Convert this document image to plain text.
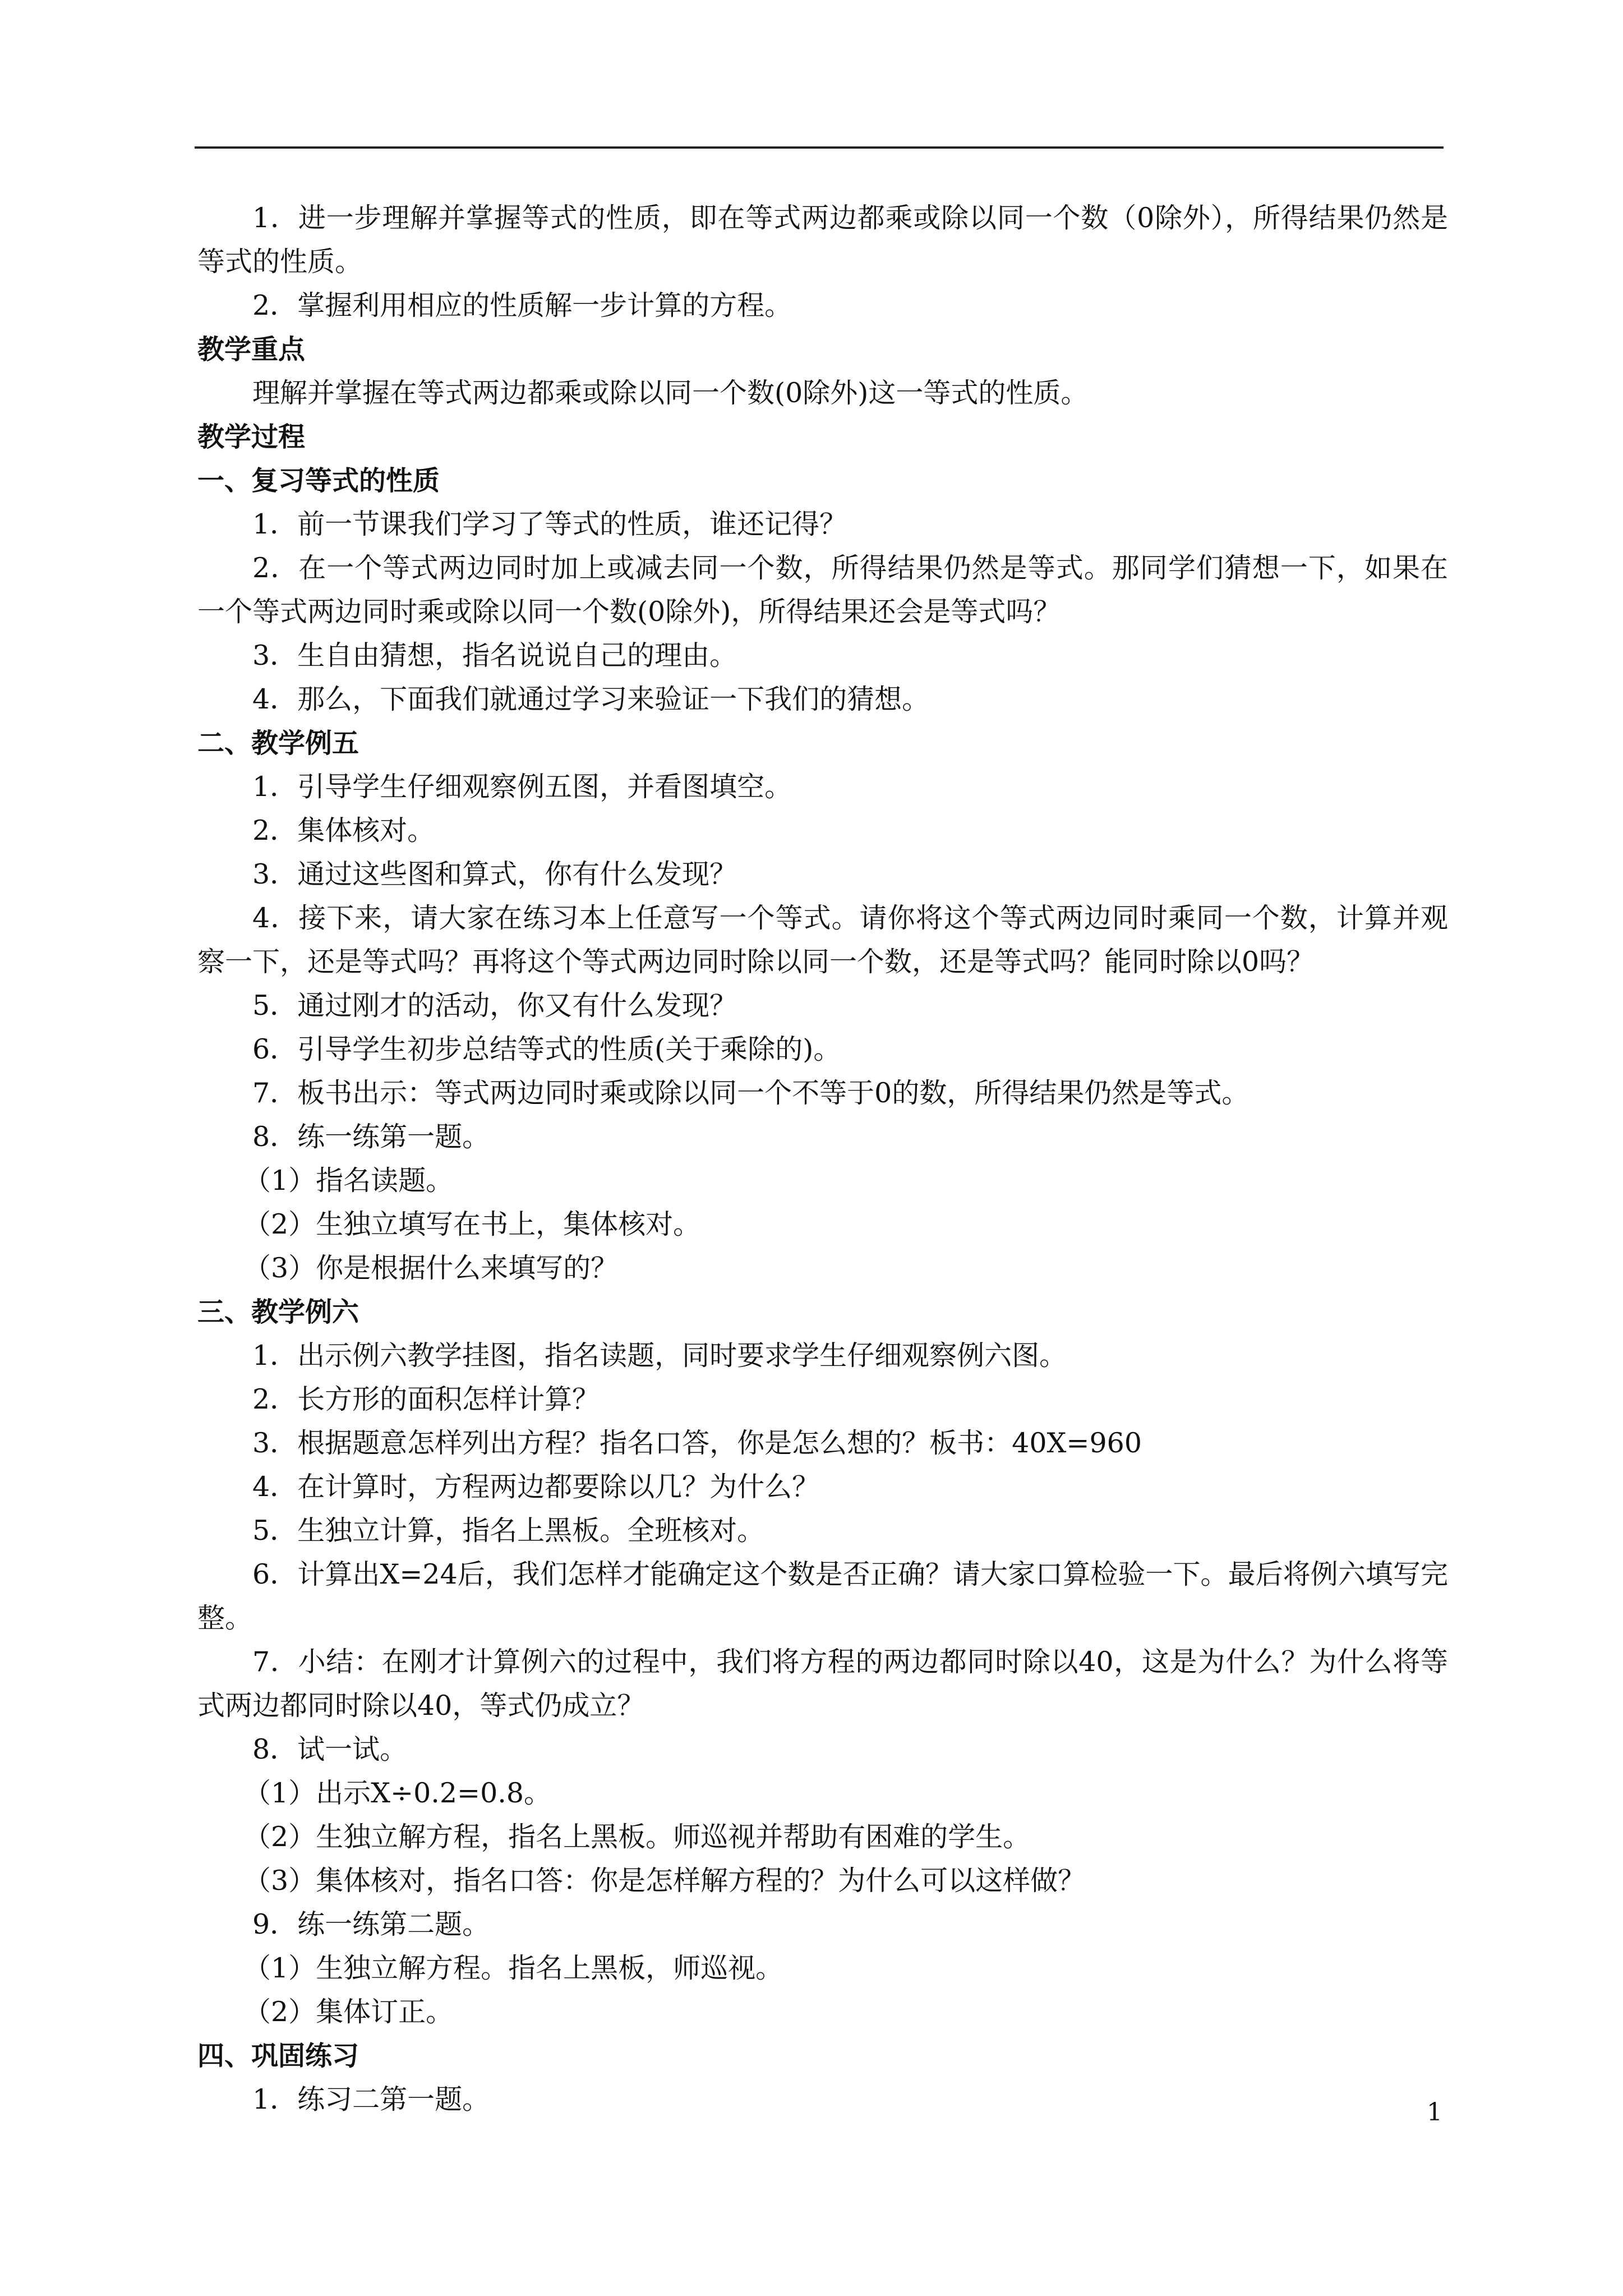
1．进一步理解并掌握等式的性质，即在等式两边都乘或除以同一个数（0除外），所得结果仍然是等式的性质。

2．掌握利用相应的性质解一步计算的方程。

教学重点

理解并掌握在等式两边都乘或除以同一个数(0除外)这一等式的性质。

教学过程

一、复习等式的性质

1．前一节课我们学习了等式的性质，谁还记得？

2．在一个等式两边同时加上或减去同一个数，所得结果仍然是等式。那同学们猜想一下，如果在一个等式两边同时乘或除以同一个数(0除外)，所得结果还会是等式吗？

3．生自由猜想，指名说说自己的理由。

4．那么，下面我们就通过学习来验证一下我们的猜想。

二、教学例五

1．引导学生仔细观察例五图，并看图填空。

2．集体核对。

3．通过这些图和算式，你有什么发现？

4．接下来，请大家在练习本上任意写一个等式。请你将这个等式两边同时乘同一个数，计算并观察一下，还是等式吗？再将这个等式两边同时除以同一个数，还是等式吗？能同时除以0吗？

5．通过刚才的活动，你又有什么发现？

6．引导学生初步总结等式的性质(关于乘除的)。

7．板书出示：等式两边同时乘或除以同一个不等于0的数，所得结果仍然是等式。

8．练一练第一题。

（1）指名读题。

（2）生独立填写在书上，集体核对。

（3）你是根据什么来填写的？

三、教学例六

1．出示例六教学挂图，指名读题，同时要求学生仔细观察例六图。

2．长方形的面积怎样计算？

3．根据题意怎样列出方程？指名口答，你是怎么想的？板书：40X=960

4．在计算时，方程两边都要除以几？为什么？

5．生独立计算，指名上黑板。全班核对。

6．计算出X=24后，我们怎样才能确定这个数是否正确？请大家口算检验一下。最后将例六填写完整。

7．小结：在刚才计算例六的过程中，我们将方程的两边都同时除以40，这是为什么？为什么将等式两边都同时除以40，等式仍成立？

8．试一试。

（1）出示X÷0.2=0.8。

（2）生独立解方程，指名上黑板。师巡视并帮助有困难的学生。

（3）集体核对，指名口答：你是怎样解方程的？为什么可以这样做？

9．练一练第二题。

（1）生独立解方程。指名上黑板，师巡视。

（2）集体订正。

四、巩固练习

1．练习二第一题。	1
